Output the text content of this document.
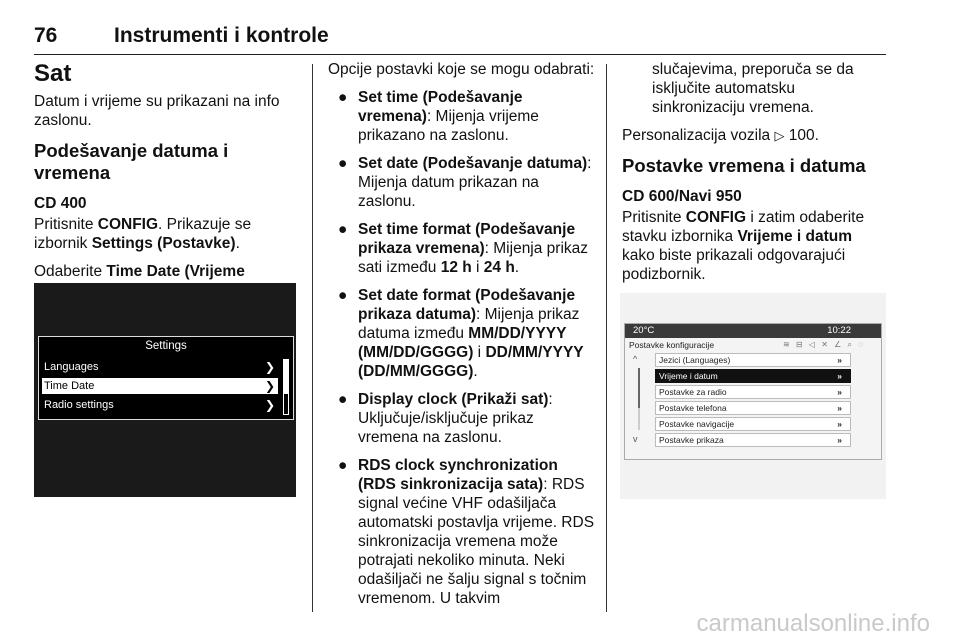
76	Instrumenti i kontrole
Sat

Datum i vrijeme su prikazani na info zaslonu.

Podešavanje datuma i vremena
CD 400

Pritisnite CONFIG. Prikazuje se izbornik Settings (Postavke).

Odaberite Time Date (Vrijeme

Settings
Languages	❯
Time Date	❯
Radio settings	❯

Opcije postavki koje se mogu odabrati:

● Set time (Podešavanje vremena): Mijenja vrijeme prikazano na zaslonu.
● Set date (Podešavanje datuma): Mijenja datum prikazan na zaslonu.
● Set time format (Podešavanje prikaza vremena): Mijenja prikaz sati između 12 h i 24 h.
● Set date format (Podešavanje prikaza datuma): Mijenja prikaz datuma između MM/DD/YYYY (MM/DD/GGGG) i DD/MM/YYYY (DD/MM/GGGG).
● Display clock (Prikaži sat): Uključuje/isključuje prikaz vremena na zaslonu.
● RDS clock synchronization (RDS sinkronizacija sata): RDS signal većine VHF odašiljača automatski postavlja vrijeme. RDS sinkronizacija vremena može potrajati nekoliko minuta. Neki odašiljači ne šalju signal s točnim vremenom. U takvim

slučajevima, preporuča se da isključite automatsku sinkronizaciju vremena.

Personalizacija vozila ▷ 100.

Postavke vremena i datuma
CD 600/Navi 950

Pritisnite CONFIG i zatim odaberite stavku izbornika Vrijeme i datum kako biste prikazali odgovarajući podizbornik.

20°C	10:22
Postavke konfiguracije	≋ ⊟ ◁ ✕ ∠ ⌕ ◌
^
v
Jezici (Languages)	»
Vrijeme i datum	»
Postavke za radio	»
Postavke telefona	»
Postavke navigacije	»
Postavke prikaza	»
carmanualsonline.info
